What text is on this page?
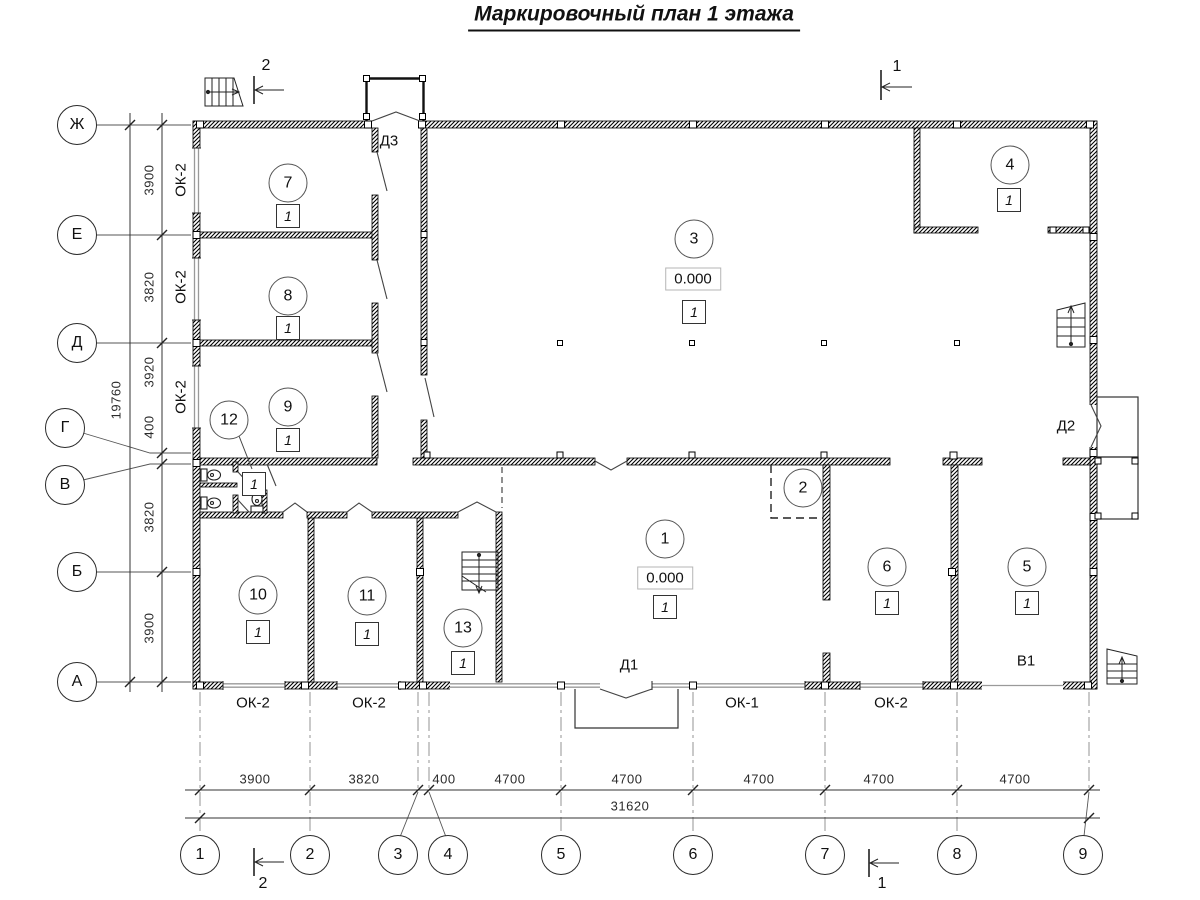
Маркировочный план 1 этажа
Ж
Е
Д
Г
В
Б
А
1	2	3	4	5	6	7	8	9
3900	3820	400	4700	4700	4700	4700	4700
31620
3900
3820
3920
400
3820
3900
19760
ОК-2
ОК-2
ОК-2
ОК-2	ОК-2	ОК-1	ОК-2
Д3
Д1
Д2
В1
2	1
2	1
7
1
8
1
9
1
12
1
10
1
11
1	13
1
3
0.000
1
4
1
1
0.000
1
2
6
1
5
1
